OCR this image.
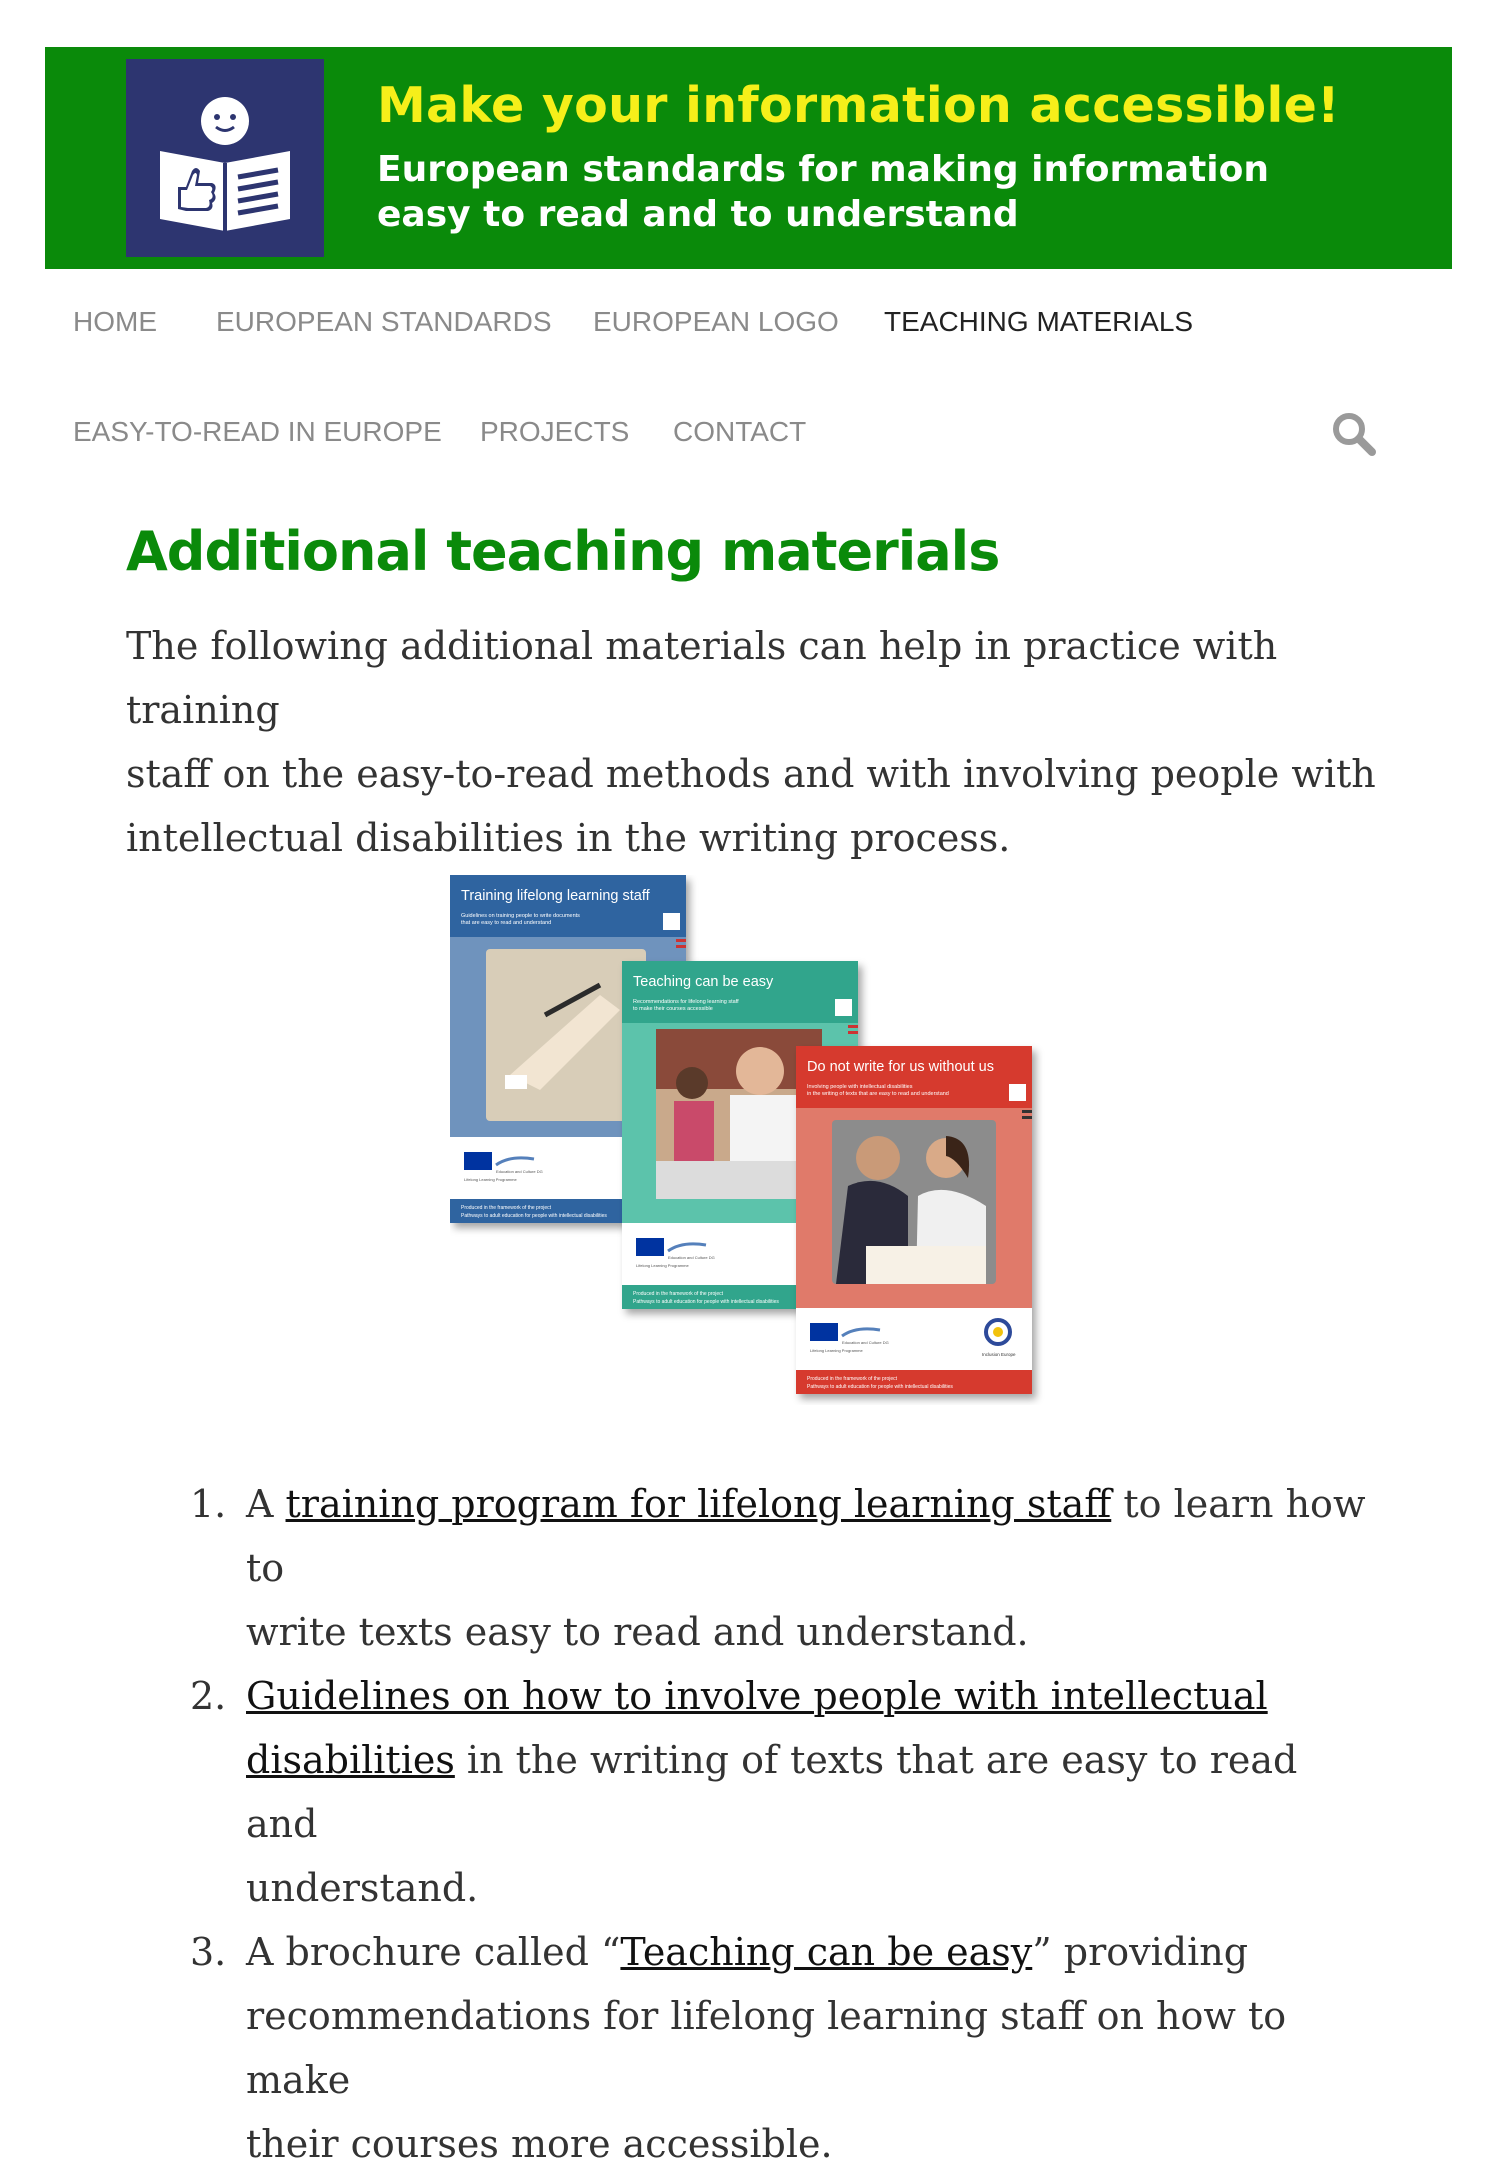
Make your information accessible!
European standards for making information
easy to read and to understand
HOME EUROPEAN STANDARDS EUROPEAN LOGO TEACHING MATERIALS
EASY-TO-READ IN EUROPE PROJECTS CONTACT
Additional teaching materials
The following additional materials can help in practice with training
staff on the easy-to-read methods and with involving people with
intellectual disabilities in the writing process.
Training lifelong learning staff
Guidelines on training people to write documents
that are easy to read and understand
Education and Culture DG
Lifelong Learning Programme
Produced in the framework of the project
Pathways to adult education for people with intellectual disabilities
Teaching can be easy
Recommendations for lifelong learning staff
to make their courses accessible
Education and Culture DG
Lifelong Learning Programme
Produced in the framework of the project
Pathways to adult education for people with intellectual disabilities
Do not write for us without us
Involving people with intellectual disabilities
in the writing of texts that are easy to read and understand
Education and Culture DG
Lifelong Learning Programme
Inclusion Europe
Produced in the framework of the project
Pathways to adult education for people with intellectual disabilities
1. A training program for lifelong learning staff to learn how to
write texts easy to read and understand.
2. Guidelines on how to involve people with intellectual
disabilities in the writing of texts that are easy to read and
understand.
3. A brochure called “Teaching can be easy” providing
recommendations for lifelong learning staff on how to make
their courses more accessible.
